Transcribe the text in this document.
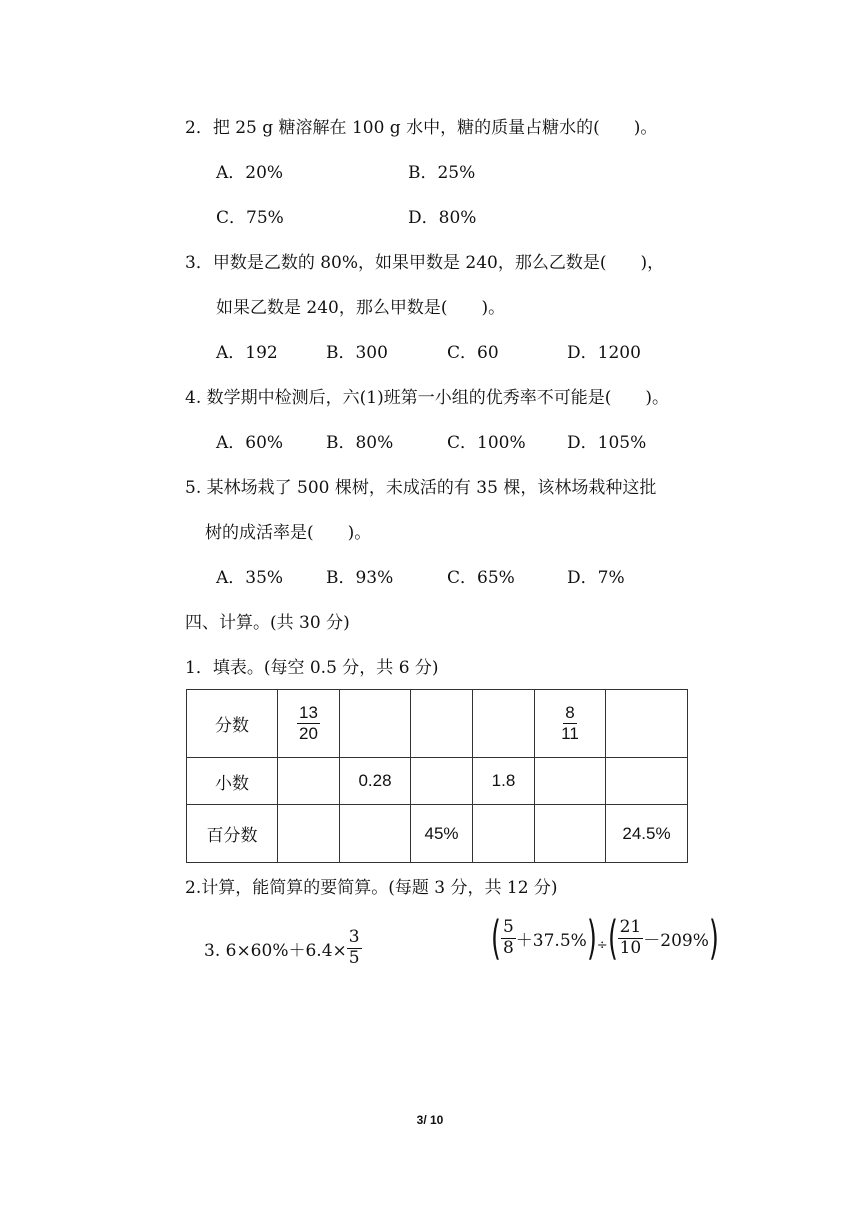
2．把 25 g 糖溶解在 100 g 水中，糖的质量占糖水的(　　)。
A．20%	B．25%
C．75%	D．80%
3．甲数是乙数的 80%，如果甲数是 240，那么乙数是(　　)，
如果乙数是 240，那么甲数是(　　)。
A．192	B．300	C．60	D．1200
4. 数学期中检测后，六(1)班第一小组的优秀率不可能是(　　)。
A．60%	B．80%	C．100% D．105%
5. 某林场栽了 500 棵树，未成活的有 35 棵，该林场栽种这批
树的成活率是(　　)。
A．35%	B．93%	C．65%	D．7%
四、计算。(共 30 分)
1．填表。(每空 0.5 分，共 6 分)
分数	$\frac{13}{20}$				$\frac{8}{11}$

小数		0.28		1.8		
百分数			45%			24.5%
2.计算，能简算的要简算。(每题 3 分，共 12 分)
3. $6\times 60\%+6.4\times \frac{3}{5}$	( $\frac{5}{8} +37.5\%$ ) ÷ ( $\frac{21}{10} -209\%$ )
3/ 10
